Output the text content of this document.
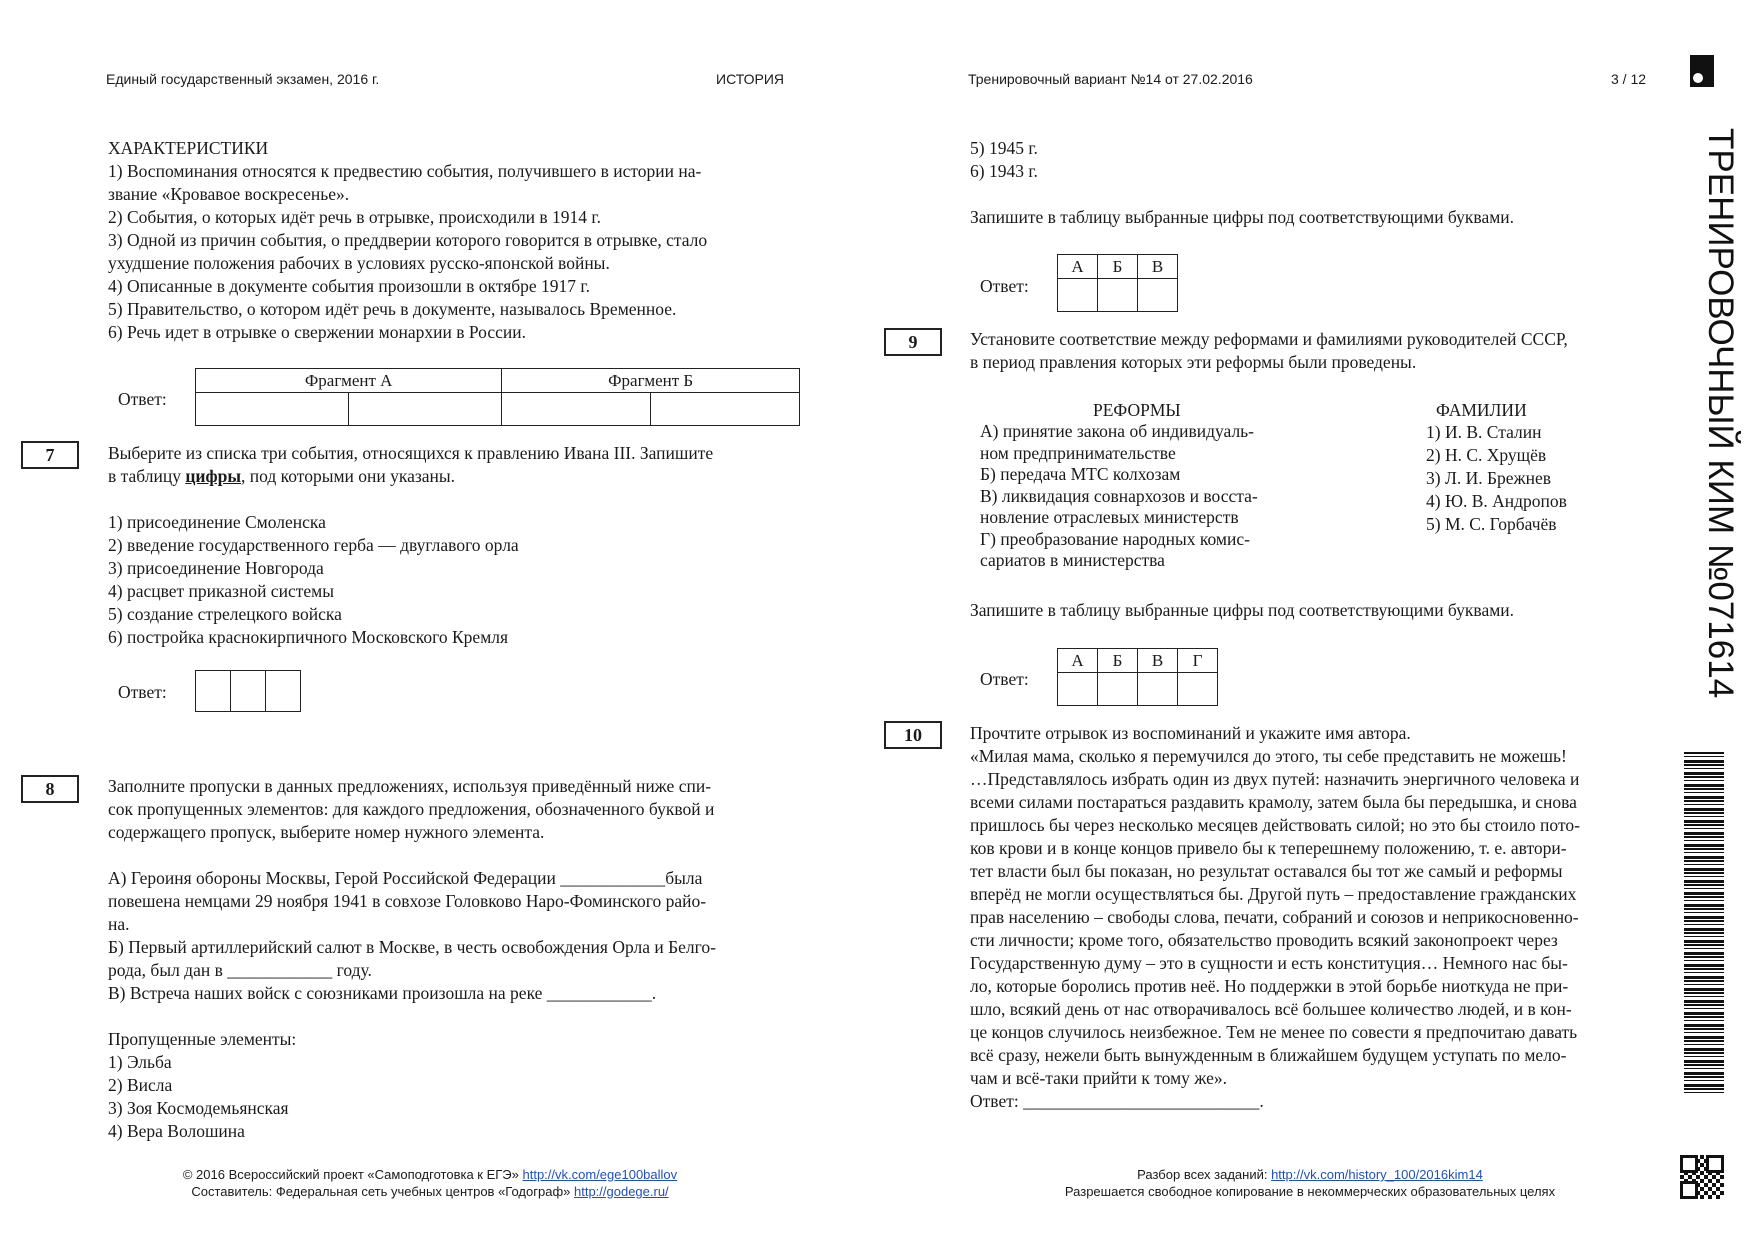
Единый государственный экзамен, 2016 г.	ИСТОРИЯ	Тренировочный вариант №14 от 27.02.2016	3 / 12
ТРЕНИРОВОЧНЫЙ КИМ №071614
ХАРАКТЕРИСТИКИ
1) Воспоминания относятся к предвестию события, получившего в истории на-
звание «Кровавое воскресенье».
2) События, о которых идёт речь в отрывке, происходили в 1914 г.
3) Одной из причин события, о преддверии которого говорится в отрывке, стало
ухудшение положения рабочих в условиях русско-японской войны.
4) Описанные в документе события произошли в октябре 1917 г.
5) Правительство, о котором идёт речь в документе, называлось Временное.
6) Речь идет в отрывке о свержении монархии в России.
Ответ:
Фрагмент А		Фрагмент Б	

7	Выберите из списка три события, относящихся к правлению Ивана III. Запишите
в таблицу цифры, под которыми они указаны.
1) присоединение Смоленска
2) введение государственного герба — двуглавого орла
3) присоединение Новгорода
4) расцвет приказной системы
5) создание стрелецкого войска
6) постройка краснокирпичного Московского Кремля
Ответ:

8	Заполните пропуски в данных предложениях, используя приведённый ниже спи-
сок пропущенных элементов: для каждого предложения, обозначенного буквой и
содержащего пропуск, выберите номер нужного элемента.
А) Героиня обороны Москвы, Герой Российской Федерации ____________была
повешена немцами 29 ноября 1941 в совхозе Головково Наро-Фоминского райо-
на.
Б) Первый артиллерийский салют в Москве, в честь освобождения Орла и Белго-
рода, был дан в ____________ году.
В) Встреча наших войск с союзниками произошла на реке ____________.
Пропущенные элементы:
1) Эльба
2) Висла
3) Зоя Космодемьянская
4) Вера Волошина
5) 1945 г.
6) 1943 г.
Запишите в таблицу выбранные цифры под соответствующими буквами.
Ответ:
А	Б	В

9	Установите соответствие между реформами и фамилиями руководителей СССР,
в период правления которых эти реформы были проведены.
РЕФОРМЫ	ФАМИЛИИ
А) принятие закона об индивидуаль-
ном предпринимательстве
Б) передача МТС колхозам
В) ликвидация совнархозов и восста-
новление отраслевых министерств
Г) преобразование народных комис-
сариатов в министерства
1) И. В. Сталин
2) Н. С. Хрущёв
3) Л. И. Брежнев
4) Ю. В. Андропов
5) М. С. Горбачёв
Запишите в таблицу выбранные цифры под соответствующими буквами.
Ответ:
А	Б	В	Г

10	Прочтите отрывок из воспоминаний и укажите имя автора.
«Милая мама, сколько я перемучился до этого, ты себе представить не можешь!
…Представлялось избрать один из двух путей: назначить энергичного человека и
всеми силами постараться раздавить крамолу, затем была бы передышка, и снова
пришлось бы через несколько месяцев действовать силой; но это бы стоило пото-
ков крови и в конце концов привело бы к теперешнему положению, т. е. автори-
тет власти был бы показан, но результат оставался бы тот же самый и реформы
вперёд не могли осуществляться бы. Другой путь – предоставление гражданских
прав населению – свободы слова, печати, собраний и союзов и неприкосновенно-
сти личности; кроме того, обязательство проводить всякий законопроект через
Государственную думу – это в сущности и есть конституция… Немного нас бы-
ло, которые боролись против неё. Но поддержки в этой борьбе ниоткуда не при-
шло, всякий день от нас отворачивалось всё большее количество людей, и в кон-
це концов случилось неизбежное. Тем не менее по совести я предпочитаю давать
всё сразу, нежели быть вынужденным в ближайшем будущем уступать по мело-
чам и всё-таки прийти к тому же».
Ответ: ___________________________.
© 2016 Всероссийский проект «Самоподготовка к ЕГЭ» http://vk.com/ege100ballov
Составитель: Федеральная сеть учебных центров «Годограф» http://godege.ru/
Разбор всех заданий: http://vk.com/history_100/2016kim14
Разрешается свободное копирование в некоммерческих образовательных целях
